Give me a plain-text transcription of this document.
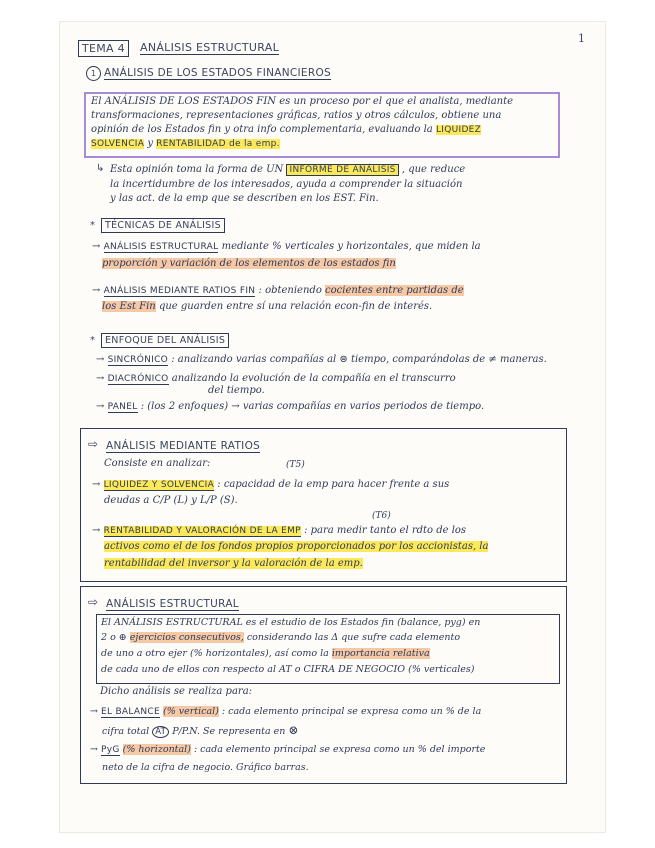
1
TEMA 4	ANÁLISIS ESTRUCTURAL
1 ANÁLISIS DE LOS ESTADOS FINANCIEROS
El ANÁLISIS DE LOS ESTADOS FIN es un proceso por el que el analista, mediante
transformaciones, representaciones gráficas, ratios y otros cálculos, obtiene una
opinión de los Estados fin y otra info complementaria, evaluando la LIQUIDEZ
SOLVENCIA y RENTABILIDAD de la emp.
↳ Esta opinión toma la forma de UN INFORME DE ANÁLISIS , que reduce
la incertidumbre de los interesados, ayuda a comprender la situación
y las act. de la emp que se describen en los EST. Fin.
*	TÉCNICAS DE ANÁLISIS
→ ANÁLISIS ESTRUCTURAL mediante % verticales y horizontales, que miden la
proporción y variación de los elementos de los estados fin
→ ANÁLISIS MEDIANTE RATIOS FIN : obteniendo cocientes entre partidas de
los Est Fin que guarden entre sí una relación econ-fin de interés.
*	ENFOQUE DEL ANÁLISIS
→ SINCRÓNICO : analizando varias compañías al ⊜ tiempo, comparándolas de ≠ maneras.
→ DIACRÓNICO analizando la evolución de la compañía en el transcurro
del tiempo.
→ PANEL : (los 2 enfoques) → varias compañías en varios periodos de tiempo.
⇨ ANÁLISIS MEDIANTE RATIOS
Consiste en analizar:	(T5)
→ LIQUIDEZ Y SOLVENCIA : capacidad de la emp para hacer frente a sus
deudas a C/P (L) y L/P (S).
(T6)
→ RENTABILIDAD Y VALORACIÓN DE LA EMP : para medir tanto el rdto de los
activos como el de los fondos propios proporcionados por los accionistas, la
rentabilidad del inversor y la valoración de la emp.
⇨ ANÁLISIS ESTRUCTURAL
El ANÁLISIS ESTRUCTURAL es el estudio de los Estados fin (balance, pyg) en
2 o ⊕ ejercicios consecutivos, considerando las Δ que sufre cada elemento
de uno a otro ejer (% horizontales), así como la importancia relativa
de cada uno de ellos con respecto al AT o CIFRA DE NEGOCIO (% verticales)
Dicho análisis se realiza para:
→ EL BALANCE (% vertical) : cada elemento principal se expresa como un % de la
cifra total AT P/P.N. Se representa en ⊗
→ PyG (% horizontal) : cada elemento principal se expresa como un % del importe
neto de la cifra de negocio. Gráfico barras.
